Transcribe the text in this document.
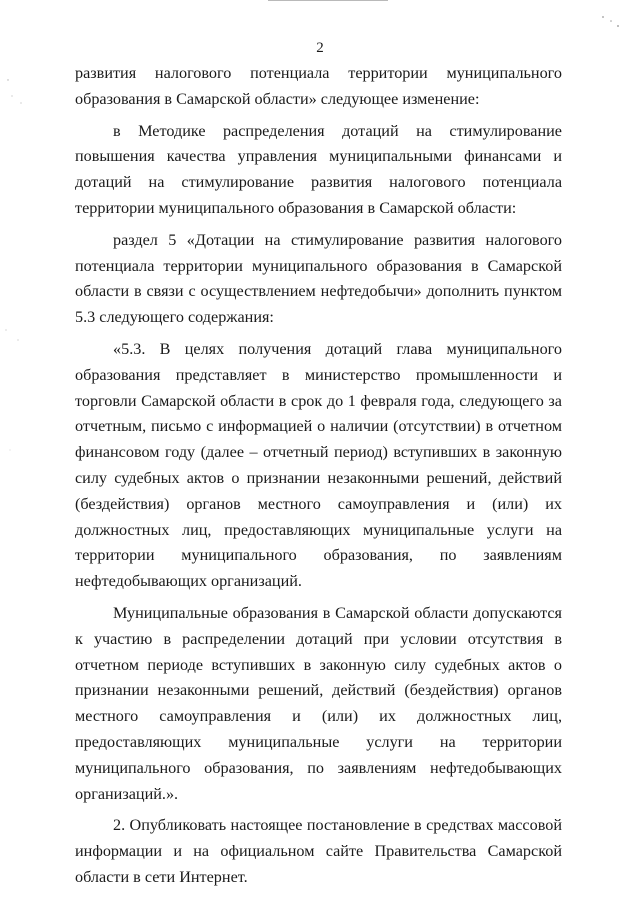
2

развития налогового потенциала территории муниципального образования в Самарской области» следующее изменение:

в Методике распределения дотаций на стимулирование повышения качества управления муниципальными финансами и дотаций на стимулирование развития налогового потенциала территории муниципального образования в Самарской области:

раздел 5 «Дотации на стимулирование развития налогового потенциала территории муниципального образования в Самарской области в связи с осуществлением нефтедобычи» дополнить пунктом 5.3 следующего содержания:

«5.3. В целях получения дотаций глава муниципального образования представляет в министерство промышленности и торговли Самарской области в срок до 1 февраля года, следующего за отчетным, письмо с информацией о наличии (отсутствии) в отчетном финансовом году (далее – отчетный период) вступивших в законную силу судебных актов о признании незаконными решений, действий (бездействия) органов местного самоуправления и (или) их должностных лиц, предоставляющих муниципальные услуги на территории муниципального образования, по заявлениям нефтедобывающих организаций.

Муниципальные образования в Самарской области допускаются к участию в распределении дотаций при условии отсутствия в отчетном периоде вступивших в законную силу судебных актов о признании незаконными решений, действий (бездействия) органов местного самоуправления и (или) их должностных лиц, предоставляющих муниципальные услуги на территории муниципального образования, по заявлениям нефтедобывающих организаций.».

2. Опубликовать настоящее постановление в средствах массовой информации и на официальном сайте Правительства Самарской области в сети Интернет.
